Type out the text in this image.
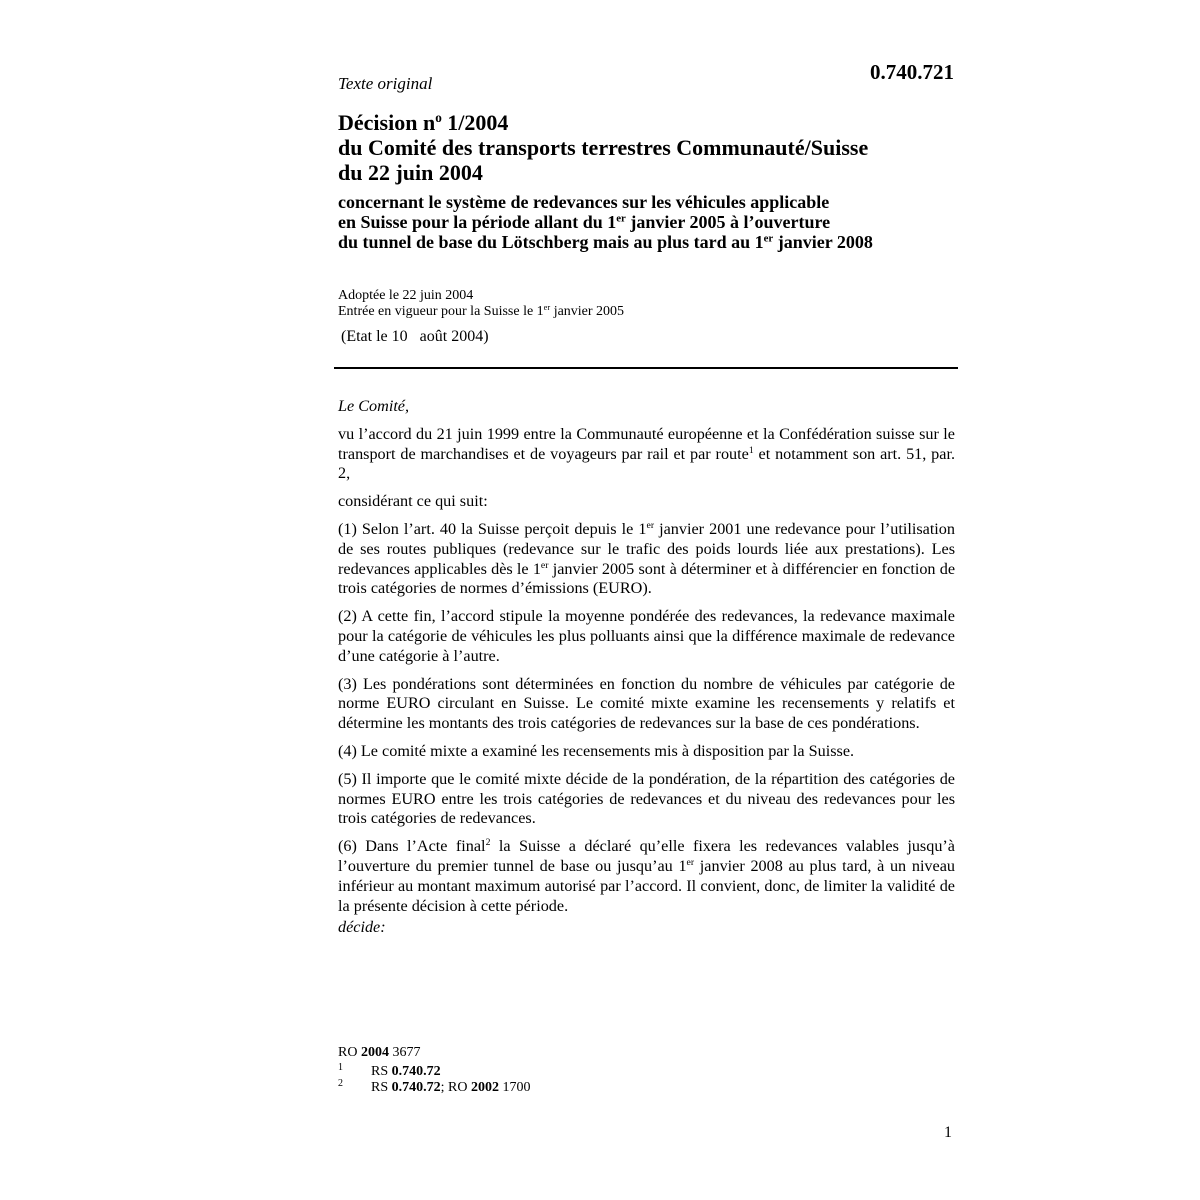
Texte original	0.740.721
Décision $n^o$ 1/2004
du Comité des transports terrestres Communauté/Suisse
du 22 juin 2004
concernant le système de redevances sur les véhicules applicable
en Suisse pour la période allant du 1er janvier 2005 à l’ouverture
du tunnel de base du Lötschberg mais au plus tard au 1er janvier 2008
Adoptée le 22 juin 2004
Entrée en vigueur pour la Suisse le 1er janvier 2005
(Etat le 10   août 2004)

Le Comité,

vu l’accord du 21 juin 1999 entre la Communauté européenne et la Confédération suisse sur le transport de marchandises et de voyageurs par rail et par route$^1$ et notamment son art. 51, par. 2,

considérant ce qui suit:

(1) Selon l’art. 40 la Suisse perçoit depuis le 1er janvier 2001 une redevance pour l’utilisation de ses routes publiques (redevance sur le trafic des poids lourds liée aux prestations). Les redevances applicables dès le 1er janvier 2005 sont à déterminer et à différencier en fonction de trois catégories de normes d’émissions (EURO).

(2) A cette fin, l’accord stipule la moyenne pondérée des redevances, la redevance maximale pour la catégorie de véhicules les plus polluants ainsi que la différence maximale de redevance d’une catégorie à l’autre.

(3) Les pondérations sont déterminées en fonction du nombre de véhicules par catégorie de norme EURO circulant en Suisse. Le comité mixte examine les recensements y relatifs et détermine les montants des trois catégories de redevances sur la base de ces pondérations.

(4) Le comité mixte a examiné les recensements mis à disposition par la Suisse.

(5) Il importe que le comité mixte décide de la pondération, de la répartition des catégories de normes EURO entre les trois catégories de redevances et du niveau des redevances pour les trois catégories de redevances.

(6) Dans l’Acte final$^2$ la Suisse a déclaré qu’elle fixera les redevances valables jusqu’à l’ouverture du premier tunnel de base ou jusqu’au 1er janvier 2008 au plus tard, à un niveau inférieur au montant maximum autorisé par l’accord. Il convient, donc, de limiter la validité de la présente décision à cette période.

décide:

RO 2004 3677
1 RS 0.740.72
2 RS 0.740.72; RO 2002 1700
1
